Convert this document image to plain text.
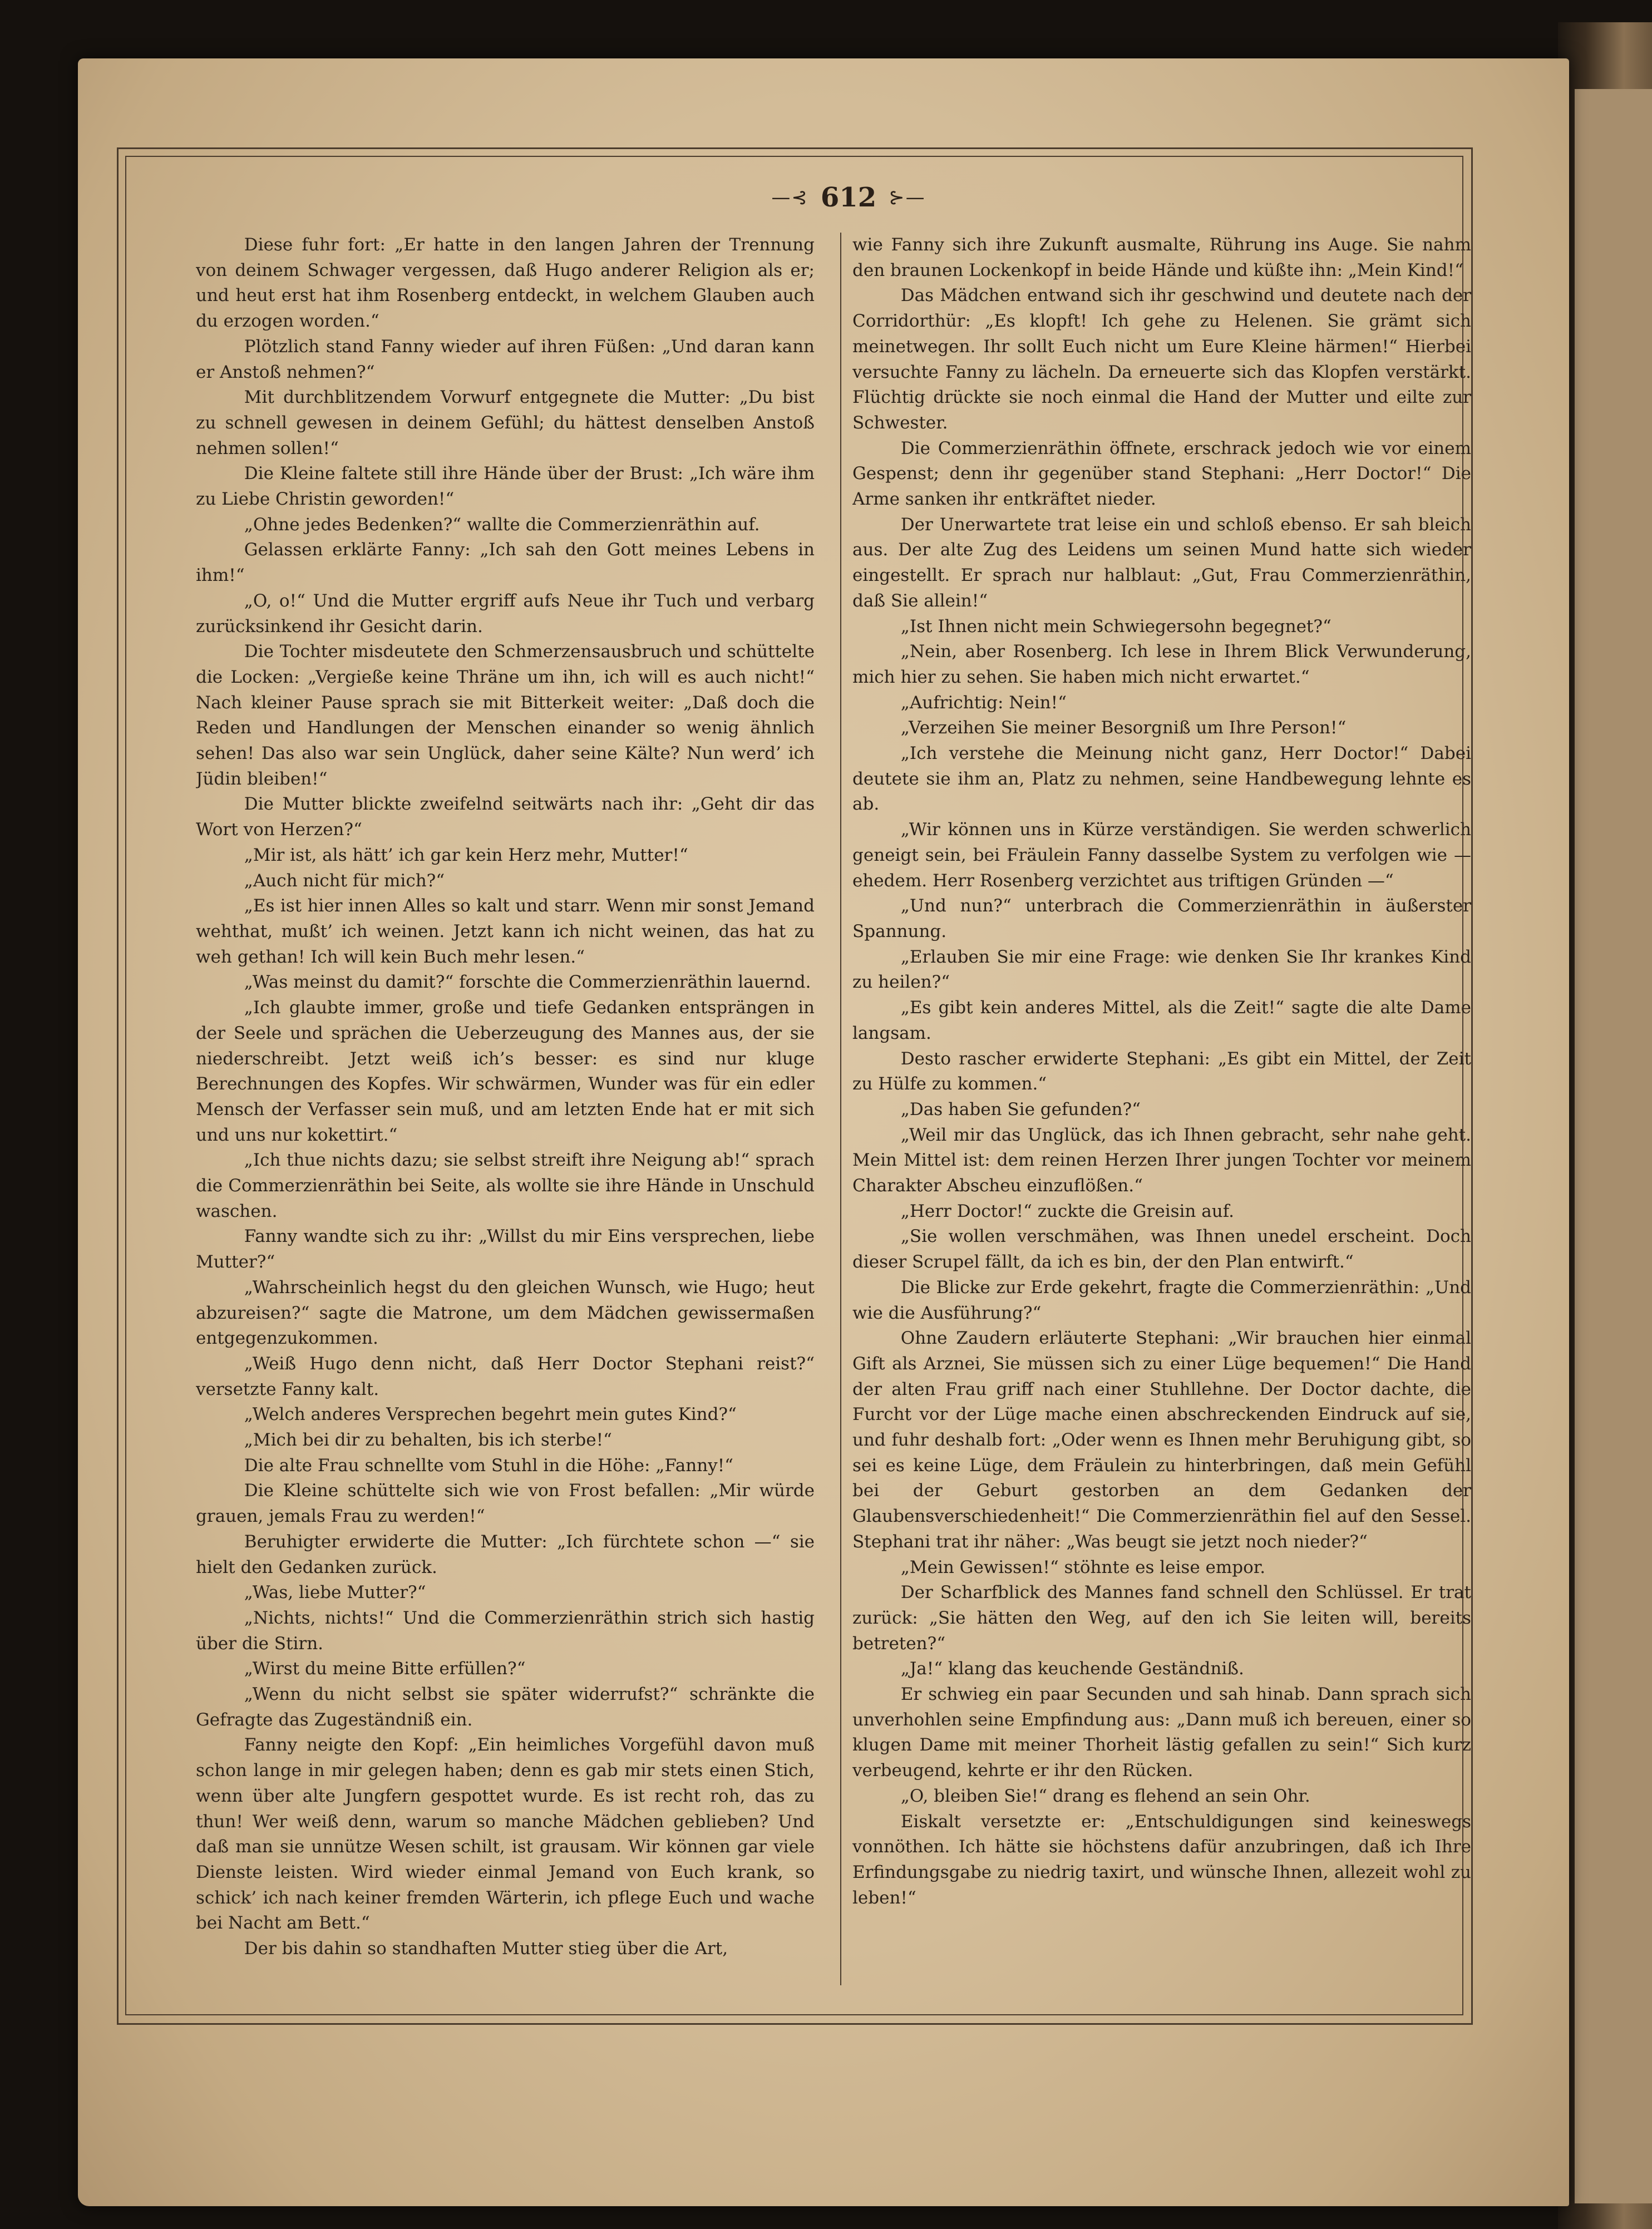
—⊰ 612 ⊱—

Diese fuhr fort: „Er hatte in den langen Jahren der Trennung von deinem Schwager vergessen, daß Hugo anderer Religion als er; und heut erst hat ihm Rosenberg entdeckt, in welchem Glauben auch du erzogen worden.“

Plötzlich stand Fanny wieder auf ihren Füßen: „Und daran kann er Anstoß nehmen?“

Mit durchblitzendem Vorwurf entgegnete die Mutter: „Du bist zu schnell gewesen in deinem Gefühl; du hättest denselben Anstoß nehmen sollen!“

Die Kleine faltete still ihre Hände über der Brust: „Ich wäre ihm zu Liebe Christin geworden!“

„Ohne jedes Bedenken?“ wallte die Commerzienräthin auf.

Gelassen erklärte Fanny: „Ich sah den Gott meines Lebens in ihm!“

„O, o!“ Und die Mutter ergriff aufs Neue ihr Tuch und verbarg zurücksinkend ihr Gesicht darin.

Die Tochter misdeutete den Schmerzensausbruch und schüttelte die Locken: „Vergieße keine Thräne um ihn, ich will es auch nicht!“ Nach kleiner Pause sprach sie mit Bitterkeit weiter: „Daß doch die Reden und Handlungen der Menschen einander so wenig ähnlich sehen! Das also war sein Unglück, daher seine Kälte? Nun werd’ ich Jüdin bleiben!“

Die Mutter blickte zweifelnd seitwärts nach ihr: „Geht dir das Wort von Herzen?“

„Mir ist, als hätt’ ich gar kein Herz mehr, Mutter!“

„Auch nicht für mich?“

„Es ist hier innen Alles so kalt und starr. Wenn mir sonst Jemand wehthat, mußt’ ich weinen. Jetzt kann ich nicht weinen, das hat zu weh gethan! Ich will kein Buch mehr lesen.“

„Was meinst du damit?“ forschte die Commerzienräthin lauernd.

„Ich glaubte immer, große und tiefe Gedanken entsprängen in der Seele und sprächen die Ueberzeugung des Mannes aus, der sie niederschreibt. Jetzt weiß ich’s besser: es sind nur kluge Berechnungen des Kopfes. Wir schwärmen, Wunder was für ein edler Mensch der Verfasser sein muß, und am letzten Ende hat er mit sich und uns nur kokettirt.“

„Ich thue nichts dazu; sie selbst streift ihre Neigung ab!“ sprach die Commerzienräthin bei Seite, als wollte sie ihre Hände in Unschuld waschen.

Fanny wandte sich zu ihr: „Willst du mir Eins versprechen, liebe Mutter?“

„Wahrscheinlich hegst du den gleichen Wunsch, wie Hugo; heut abzureisen?“ sagte die Matrone, um dem Mädchen gewissermaßen entgegenzukommen.

„Weiß Hugo denn nicht, daß Herr Doctor Stephani reist?“ versetzte Fanny kalt.

„Welch anderes Versprechen begehrt mein gutes Kind?“

„Mich bei dir zu behalten, bis ich sterbe!“

Die alte Frau schnellte vom Stuhl in die Höhe: „Fanny!“

Die Kleine schüttelte sich wie von Frost befallen: „Mir würde grauen, jemals Frau zu werden!“

Beruhigter erwiderte die Mutter: „Ich fürchtete schon —“ sie hielt den Gedanken zurück.

„Was, liebe Mutter?“

„Nichts, nichts!“ Und die Commerzienräthin strich sich hastig über die Stirn.

„Wirst du meine Bitte erfüllen?“

„Wenn du nicht selbst sie später widerrufst?“ schränkte die Gefragte das Zugeständniß ein.

Fanny neigte den Kopf: „Ein heimliches Vorgefühl davon muß schon lange in mir gelegen haben; denn es gab mir stets einen Stich, wenn über alte Jungfern gespottet wurde. Es ist recht roh, das zu thun! Wer weiß denn, warum so manche Mädchen geblieben? Und daß man sie unnütze Wesen schilt, ist grausam. Wir können gar viele Dienste leisten. Wird wieder einmal Jemand von Euch krank, so schick’ ich nach keiner fremden Wärterin, ich pflege Euch und wache bei Nacht am Bett.“

Der bis dahin so standhaften Mutter stieg über die Art,

wie Fanny sich ihre Zukunft ausmalte, Rührung ins Auge. Sie nahm den braunen Lockenkopf in beide Hände und küßte ihn: „Mein Kind!“

Das Mädchen entwand sich ihr geschwind und deutete nach der Corridorthür: „Es klopft! Ich gehe zu Helenen. Sie grämt sich meinetwegen. Ihr sollt Euch nicht um Eure Kleine härmen!“ Hierbei versuchte Fanny zu lächeln. Da erneuerte sich das Klopfen verstärkt. Flüchtig drückte sie noch einmal die Hand der Mutter und eilte zur Schwester.

Die Commerzienräthin öffnete, erschrack jedoch wie vor einem Gespenst; denn ihr gegenüber stand Stephani: „Herr Doctor!“ Die Arme sanken ihr entkräftet nieder.

Der Unerwartete trat leise ein und schloß ebenso. Er sah bleich aus. Der alte Zug des Leidens um seinen Mund hatte sich wieder eingestellt. Er sprach nur halblaut: „Gut, Frau Commerzienräthin, daß Sie allein!“

„Ist Ihnen nicht mein Schwiegersohn begegnet?“

„Nein, aber Rosenberg. Ich lese in Ihrem Blick Verwunderung, mich hier zu sehen. Sie haben mich nicht erwartet.“

„Aufrichtig: Nein!“

„Verzeihen Sie meiner Besorgniß um Ihre Person!“

„Ich verstehe die Meinung nicht ganz, Herr Doctor!“ Dabei deutete sie ihm an, Platz zu nehmen, seine Handbewegung lehnte es ab.

„Wir können uns in Kürze verständigen. Sie werden schwerlich geneigt sein, bei Fräulein Fanny dasselbe System zu verfolgen wie — ehedem. Herr Rosenberg verzichtet aus triftigen Gründen —“

„Und nun?“ unterbrach die Commerzienräthin in äußerster Spannung.

„Erlauben Sie mir eine Frage: wie denken Sie Ihr krankes Kind zu heilen?“

„Es gibt kein anderes Mittel, als die Zeit!“ sagte die alte Dame langsam.

Desto rascher erwiderte Stephani: „Es gibt ein Mittel, der Zeit zu Hülfe zu kommen.“

„Das haben Sie gefunden?“

„Weil mir das Unglück, das ich Ihnen gebracht, sehr nahe geht. Mein Mittel ist: dem reinen Herzen Ihrer jungen Tochter vor meinem Charakter Abscheu einzuflößen.“

„Herr Doctor!“ zuckte die Greisin auf.

„Sie wollen verschmähen, was Ihnen unedel erscheint. Doch dieser Scrupel fällt, da ich es bin, der den Plan entwirft.“

Die Blicke zur Erde gekehrt, fragte die Commerzienräthin: „Und wie die Ausführung?“

Ohne Zaudern erläuterte Stephani: „Wir brauchen hier einmal Gift als Arznei, Sie müssen sich zu einer Lüge bequemen!“ Die Hand der alten Frau griff nach einer Stuhllehne. Der Doctor dachte, die Furcht vor der Lüge mache einen abschreckenden Eindruck auf sie, und fuhr deshalb fort: „Oder wenn es Ihnen mehr Beruhigung gibt, so sei es keine Lüge, dem Fräulein zu hinterbringen, daß mein Gefühl bei der Geburt gestorben an dem Gedanken der Glaubensverschiedenheit!“ Die Commerzienräthin fiel auf den Sessel. Stephani trat ihr näher: „Was beugt sie jetzt noch nieder?“

„Mein Gewissen!“ stöhnte es leise empor.

Der Scharfblick des Mannes fand schnell den Schlüssel. Er trat zurück: „Sie hätten den Weg, auf den ich Sie leiten will, bereits betreten?“

„Ja!“ klang das keuchende Geständniß.

Er schwieg ein paar Secunden und sah hinab. Dann sprach sich unverhohlen seine Empfindung aus: „Dann muß ich bereuen, einer so klugen Dame mit meiner Thorheit lästig gefallen zu sein!“ Sich kurz verbeugend, kehrte er ihr den Rücken.

„O, bleiben Sie!“ drang es flehend an sein Ohr.

Eiskalt versetzte er: „Entschuldigungen sind keineswegs vonnöthen. Ich hätte sie höchstens dafür anzubringen, daß ich Ihre Erfindungsgabe zu niedrig taxirt, und wünsche Ihnen, allezeit wohl zu leben!“
